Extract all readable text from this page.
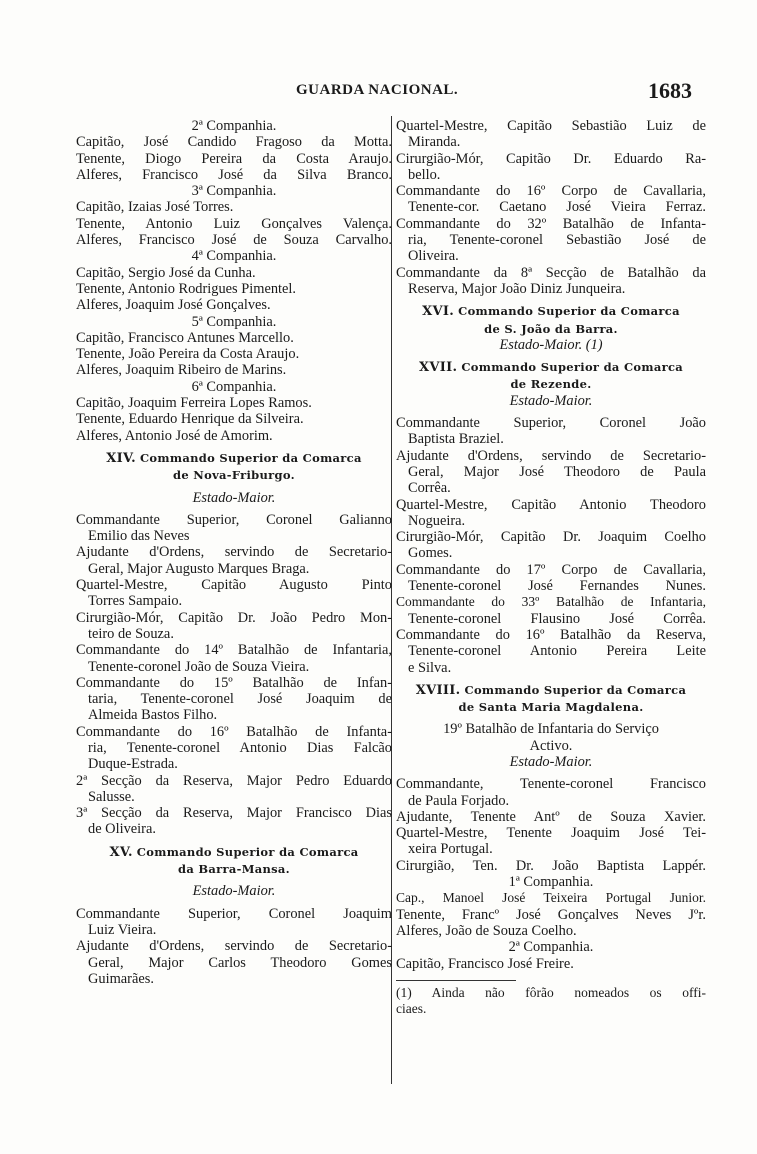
GUARDA NACIONAL.	1683
2ª Companhia.
Capitão, José Candido Fragoso da Motta.
Tenente, Diogo Pereira da Costa Araujo.
Alferes, Francisco José da Silva Branco.
3ª Companhia.
Capitão, Izaias José Torres.
Tenente, Antonio Luiz Gonçalves Valença.
Alferes, Francisco José de Souza Carvalho.
4ª Companhia.
Capitão, Sergio José da Cunha.
Tenente, Antonio Rodrigues Pimentel.
Alferes, Joaquim José Gonçalves.
5ª Companhia.
Capitão, Francisco Antunes Marcello.
Tenente, João Pereira da Costa Araujo.
Alferes, Joaquim Ribeiro de Marins.
6ª Companhia.
Capitão, Joaquim Ferreira Lopes Ramos.
Tenente, Eduardo Henrique da Silveira.
Alferes, Antonio José de Amorim.
XIV. Commando Superior da Comarca
de Nova-Friburgo.
Estado-Maior.
Commandante Superior, Coronel Galianno
Emilio das Neves
Ajudante d'Ordens, servindo de Secretario-
Geral, Major Augusto Marques Braga.
Quartel-Mestre, Capitão Augusto Pinto
Torres Sampaio.
Cirurgião-Mór, Capitão Dr. João Pedro Mon-
teiro de Souza.
Commandante do 14º Batalhão de Infantaria,
Tenente-coronel João de Souza Vieira.
Commandante do 15º Batalhão de Infan-
taria, Tenente-coronel José Joaquim de
Almeida Bastos Filho.
Commandante do 16º Batalhão de Infanta-
ria, Tenente-coronel Antonio Dias Falcão
Duque-Estrada.
2ª Secção da Reserva, Major Pedro Eduardo
Salusse.
3ª Secção da Reserva, Major Francisco Dias
de Oliveira.
XV. Commando Superior da Comarca
da Barra-Mansa.
Estado-Maior.
Commandante Superior, Coronel Joaquim
Luiz Vieira.
Ajudante d'Ordens, servindo de Secretario-
Geral, Major Carlos Theodoro Gomes
Guimarães.
Quartel-Mestre, Capitão Sebastião Luiz de
Miranda.
Cirurgião-Mór, Capitão Dr. Eduardo Ra-
bello.
Commandante do 16º Corpo de Cavallaria,
Tenente-cor. Caetano José Vieira Ferraz.
Commandante do 32º Batalhão de Infanta-
ria, Tenente-coronel Sebastião José de
Oliveira.
Commandante da 8ª Secção de Batalhão da
Reserva, Major João Diniz Junqueira.
XVI. Commando Superior da Comarca
de S. João da Barra.
Estado-Maior. (1)
XVII. Commando Superior da Comarca
de Rezende.
Estado-Maior.
Commandante Superior, Coronel João
Baptista Braziel.
Ajudante d'Ordens, servindo de Secretario-
Geral, Major José Theodoro de Paula
Corrêa.
Quartel-Mestre, Capitão Antonio Theodoro
Nogueira.
Cirurgião-Mór, Capitão Dr. Joaquim Coelho
Gomes.
Commandante do 17º Corpo de Cavallaria,
Tenente-coronel José Fernandes Nunes.
Commandante do 33º Batalhão de Infantaria,
Tenente-coronel Flausino José Corrêa.
Commandante do 16º Batalhão da Reserva,
Tenente-coronel Antonio Pereira Leite
e Silva.
XVIII. Commando Superior da Comarca
de Santa Maria Magdalena.
19º Batalhão de Infantaria do Serviço
Activo.
Estado-Maior.
Commandante, Tenente-coronel Francisco
de Paula Forjado.
Ajudante, Tenente Antº de Souza Xavier.
Quartel-Mestre, Tenente Joaquim José Tei-
xeira Portugal.
Cirurgião, Ten. Dr. João Baptista Lappér.
1ª Companhia.
Cap., Manoel José Teixeira Portugal Junior.
Tenente, Francº José Gonçalves Neves Jºr.
Alferes, João de Souza Coelho.
2ª Companhia.
Capitão, Francisco José Freire.
(1) Ainda não fôrão nomeados os offi-
ciaes.
